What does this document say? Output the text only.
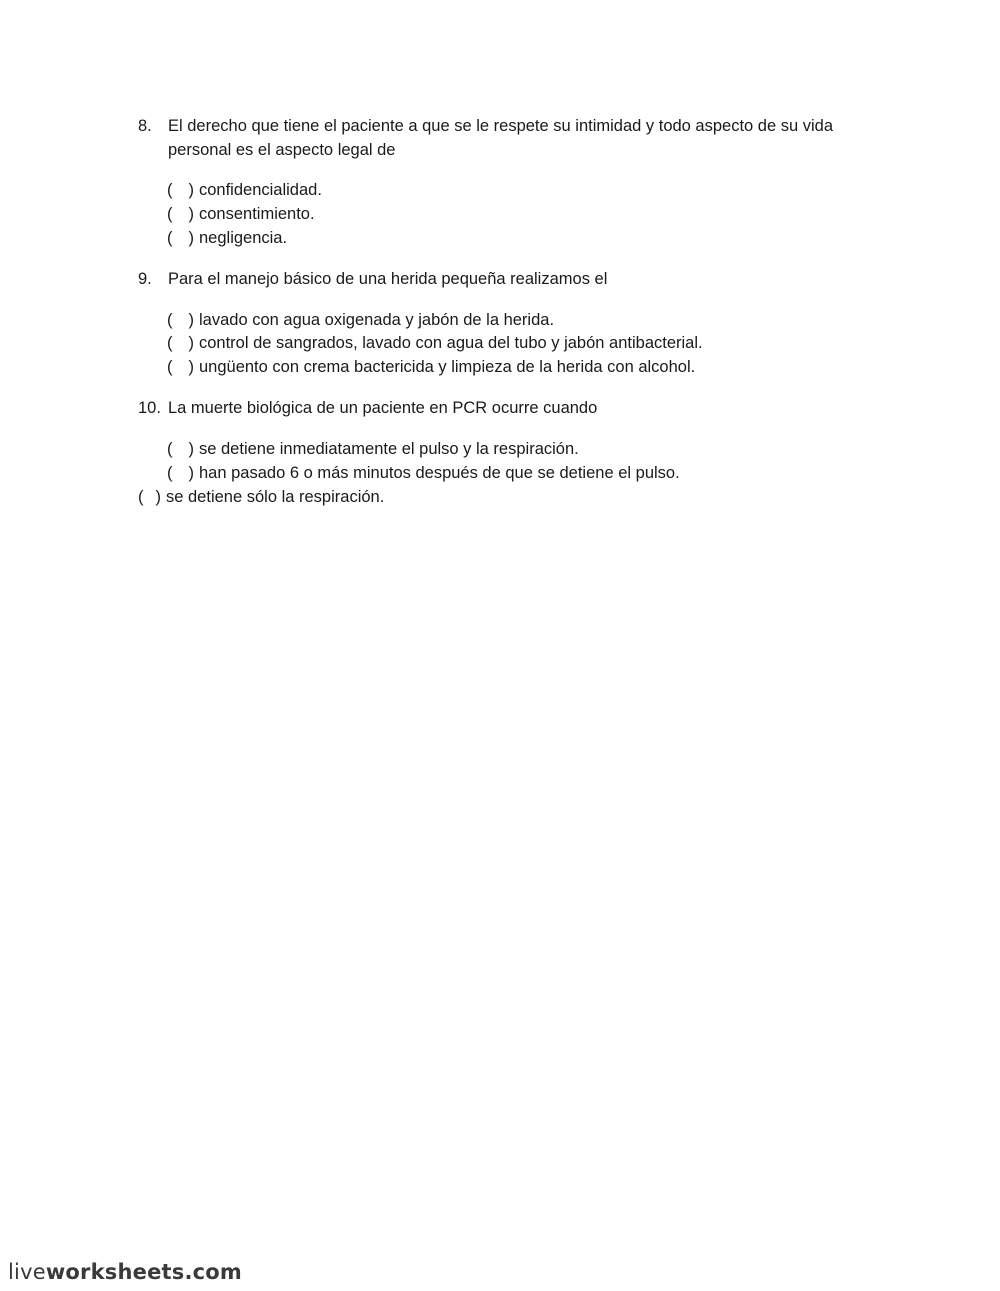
8. El derecho que tiene el paciente a que se le respete su intimidad y todo aspecto de su vida personal es el aspecto legal de
( ) confidencialidad.
( ) consentimiento.
( ) negligencia.
9. Para el manejo básico de una herida pequeña realizamos el
( ) lavado con agua oxigenada y jabón de la herida.
( ) control de sangrados, lavado con agua del tubo y jabón antibacterial.
( ) ungüento con crema bactericida y limpieza de la herida con alcohol.
10. La muerte biológica de un paciente en PCR ocurre cuando
( ) se detiene inmediatamente el pulso y la respiración.
( ) han pasado 6 o más minutos después de que se detiene el pulso.
( ) se detiene sólo la respiración.
liveworksheets.com
